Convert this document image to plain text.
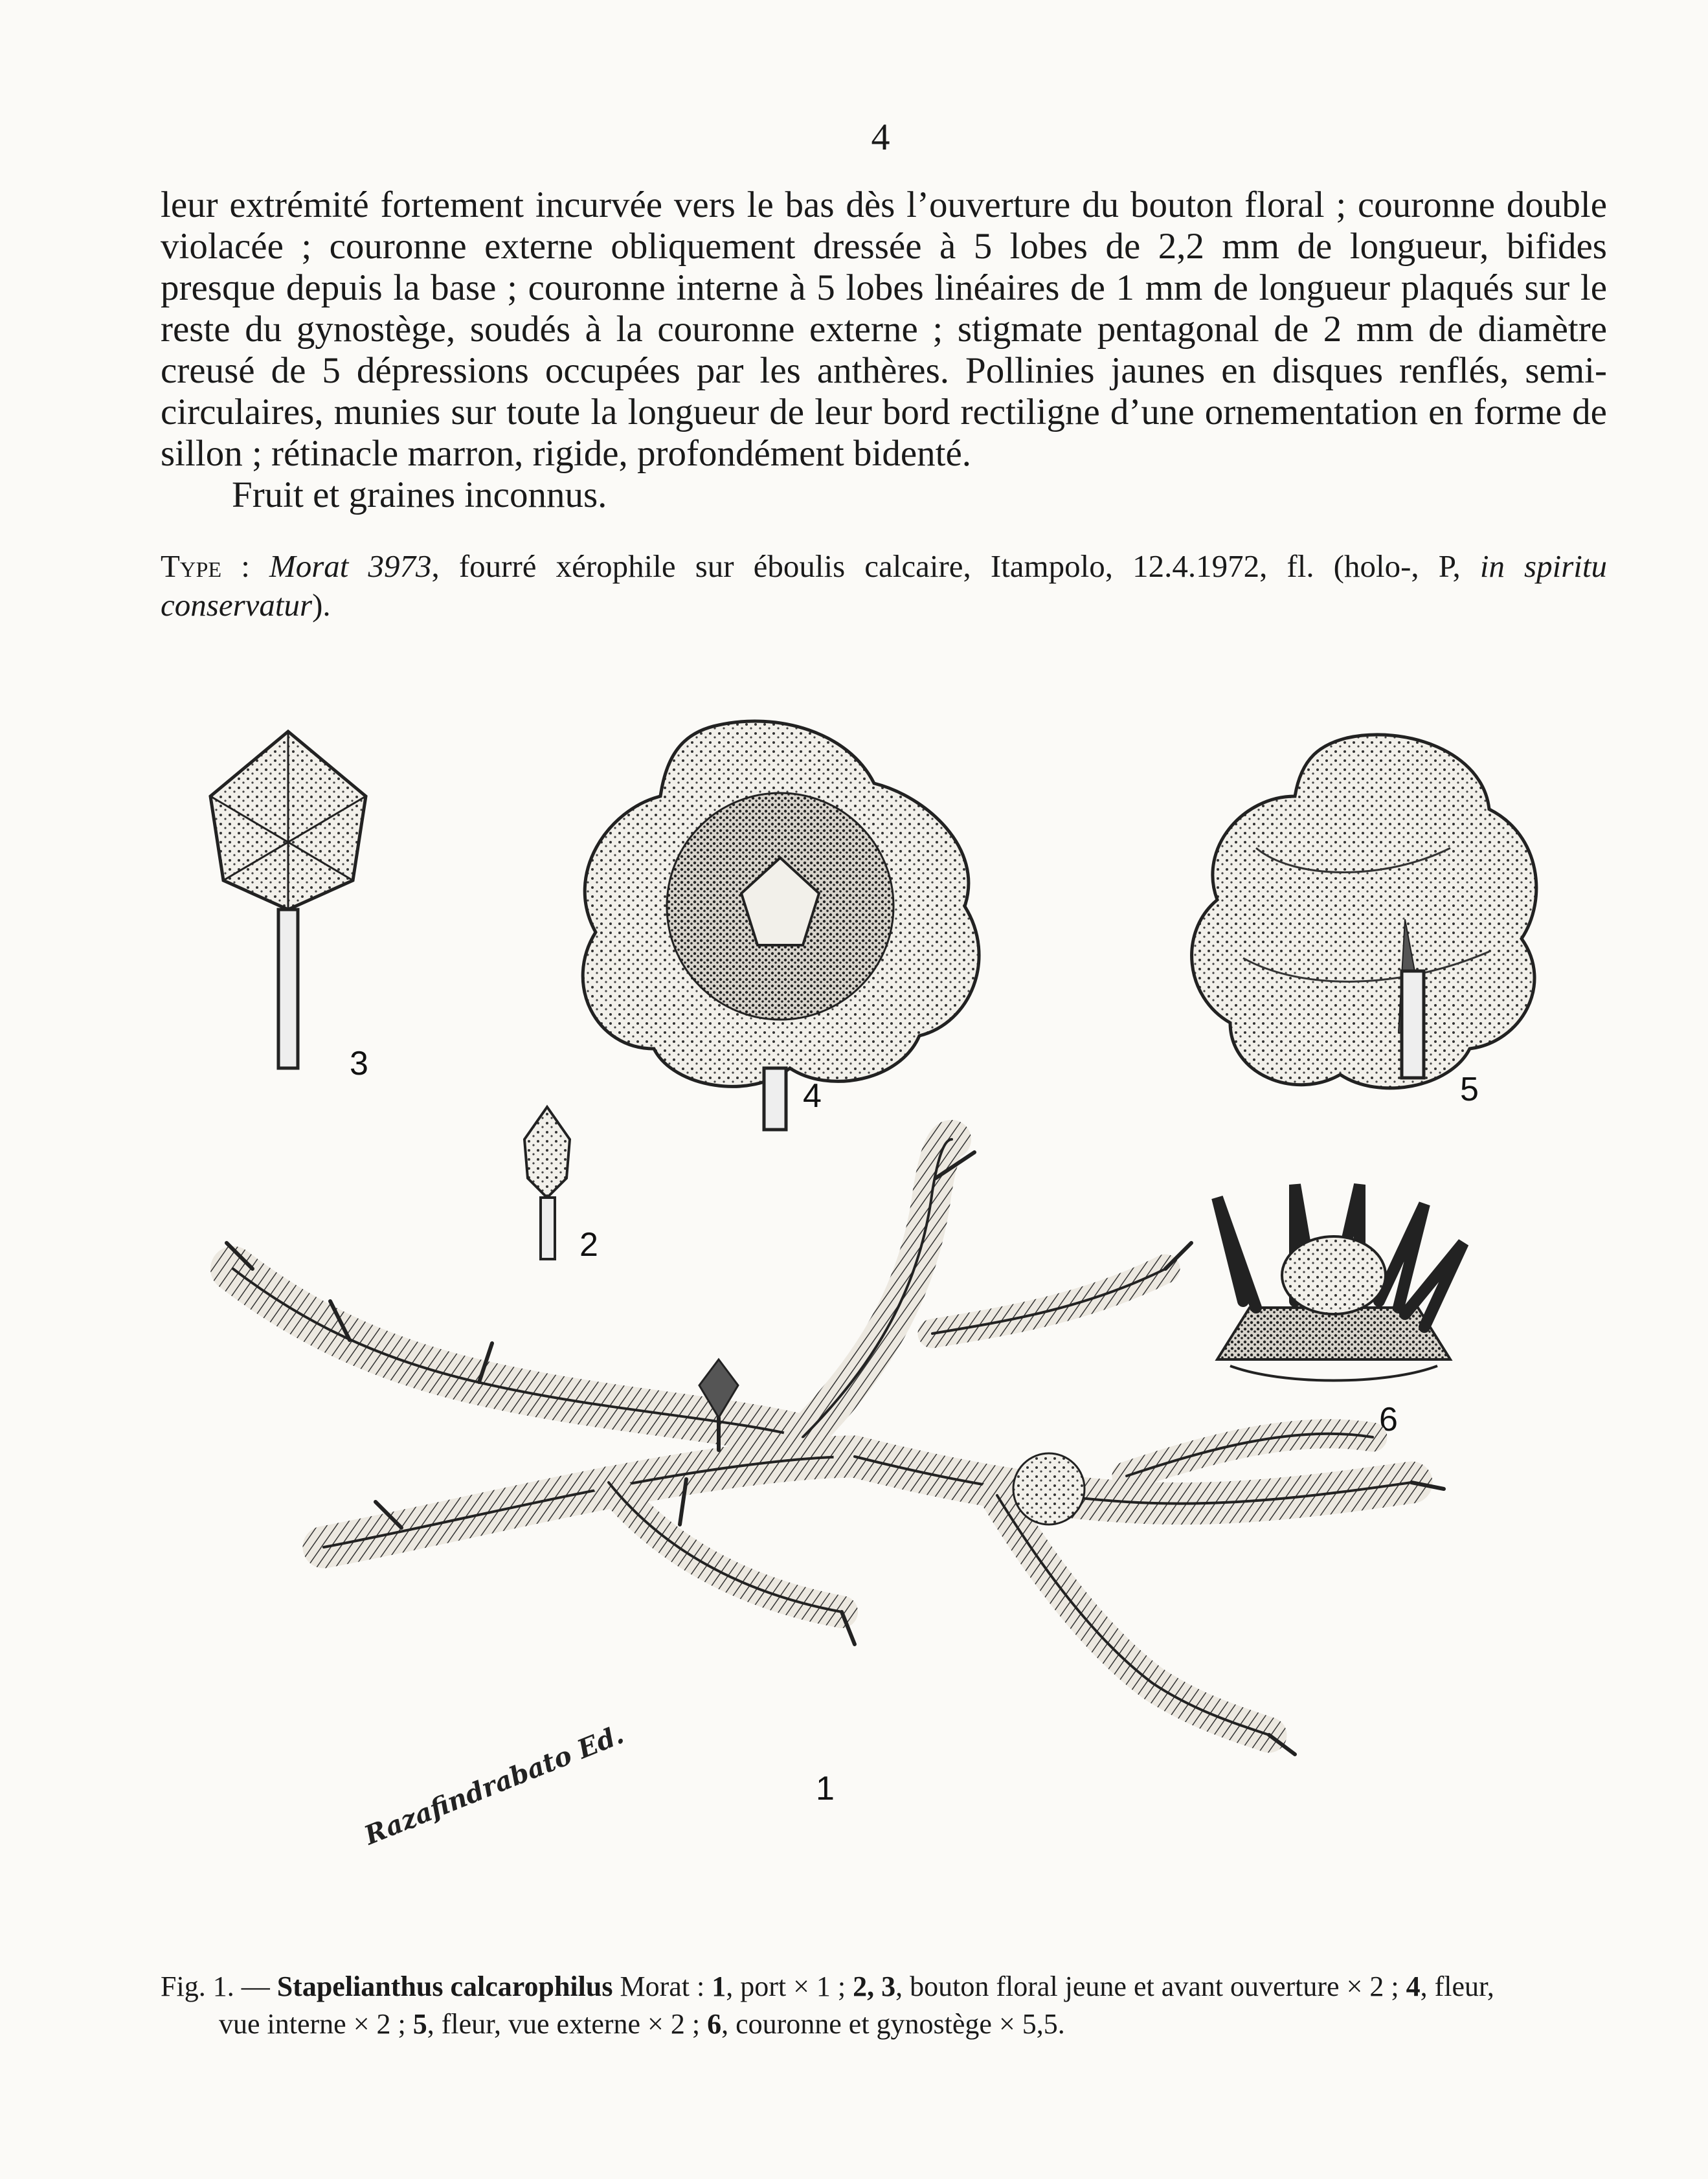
4

leur extrémité fortement incurvée vers le bas dès l’ouverture du bouton floral ; couronne double violacée ; couronne externe obliquement dressée à 5 lobes de 2,2 mm de longueur, bifides presque depuis la base ; couronne interne à 5 lobes linéaires de 1 mm de longueur plaqués sur le reste du gynostège, soudés à la couronne externe ; stigmate pentagonal de 2 mm de diamètre creusé de 5 dépressions occupées par les anthères. Pollinies jaunes en disques renflés, semi-circulaires, munies sur toute la longueur de leur bord rectiligne d’une ornementation en forme de sillon ; rétinacle marron, rigide, profondément bidenté.

Fruit et graines inconnus.

Type : Morat 3973, fourré xérophile sur éboulis calcaire, Itampolo, 12.4.1972, fl. (holo-, P, in spiritu conservatur).
3
4	5
2
6
1
Razafindrabato Ed.
Fig. 1. — Stapelianthus calcarophilus Morat : 1, port × 1 ; 2, 3, bouton floral jeune et avant ouverture × 2 ; 4, fleur,
vue interne × 2 ; 5, fleur, vue externe × 2 ; 6, couronne et gynostège × 5,5.
